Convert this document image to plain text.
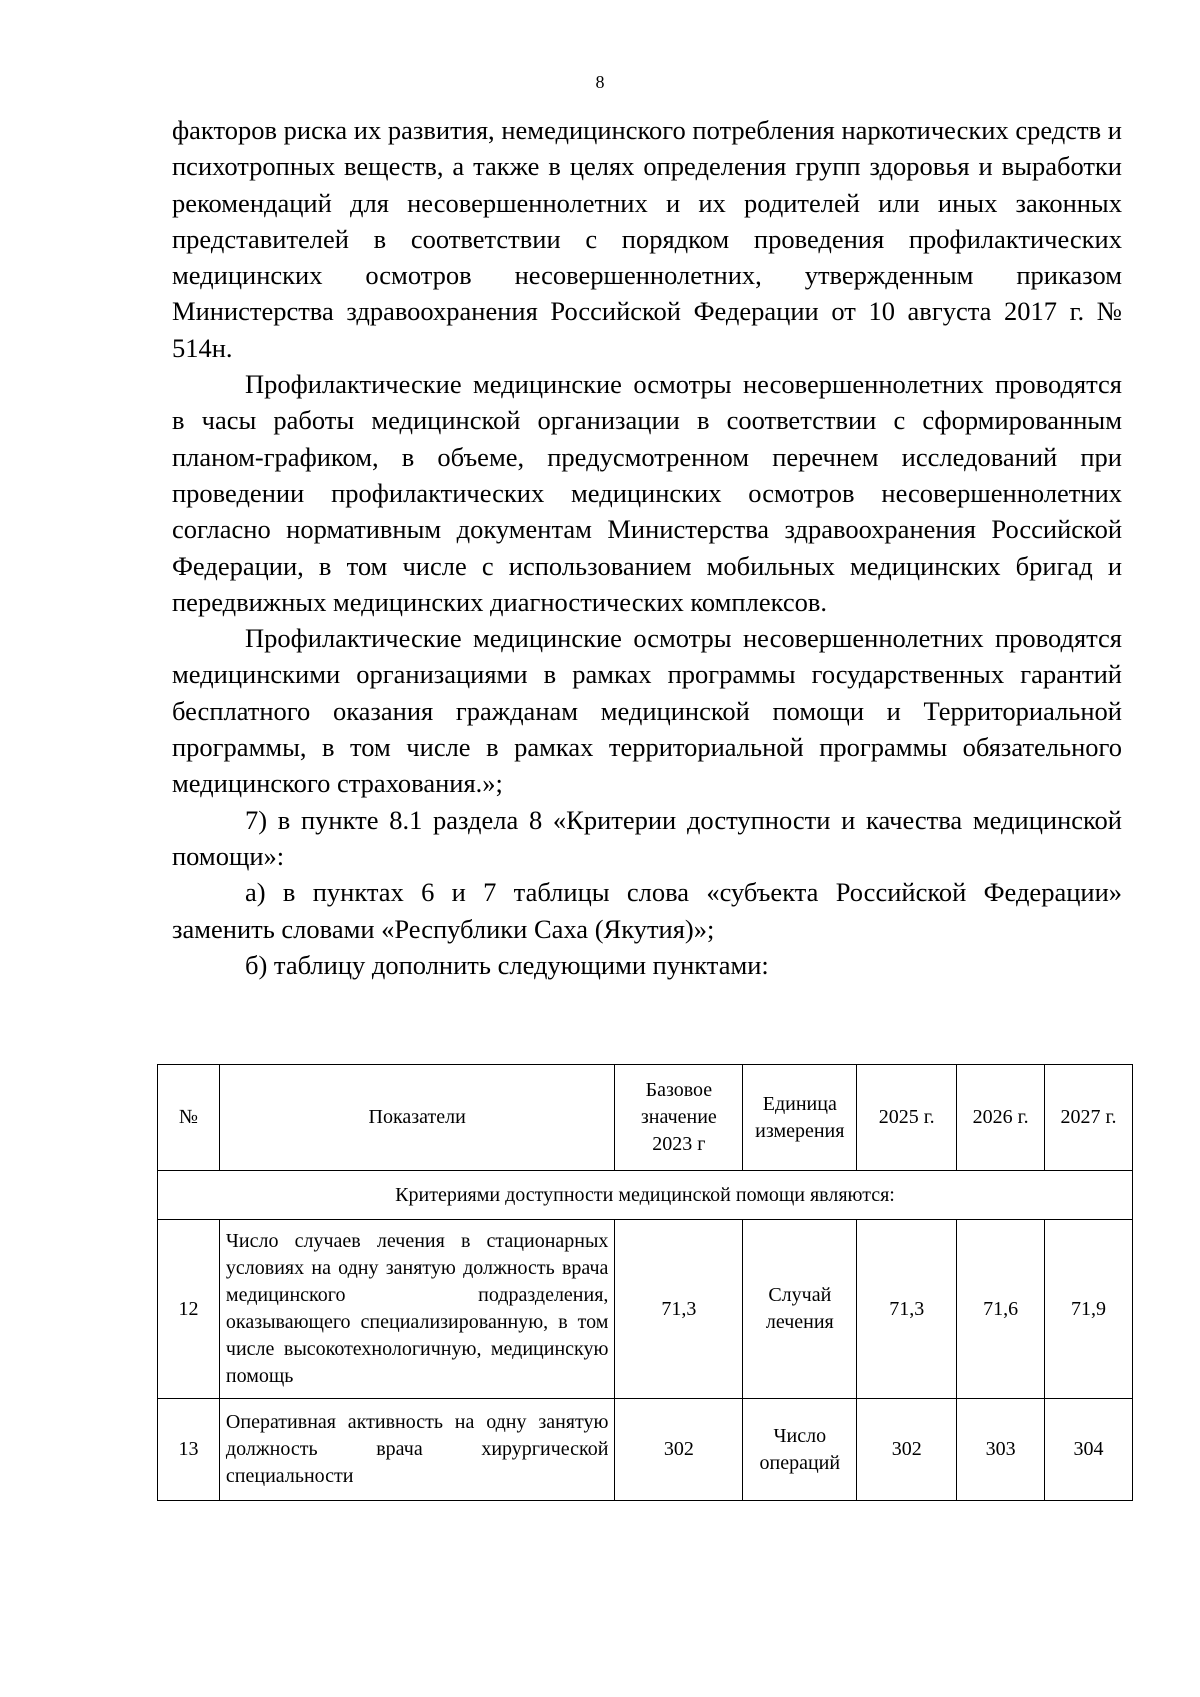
8

факторов риска их развития, немедицинского потребления наркотических средств и психотропных веществ, а также в целях определения групп здоровья и выработки рекомендаций для несовершеннолетних и их родителей или иных законных представителей в соответствии с порядком проведения профилактических медицинских осмотров несовершеннолетних, утвержденным приказом Министерства здравоохранения Российской Федерации от 10 августа 2017 г. № 514н.

Профилактические медицинские осмотры несовершеннолетних проводятся в часы работы медицинской организации в соответствии с сформированным планом-графиком, в объеме, предусмотренном перечнем исследований при проведении профилактических медицинских осмотров несовершеннолетних согласно нормативным документам Министерства здравоохранения Российской Федерации, в том числе с использованием мобильных медицинских бригад и передвижных медицинских диагностических комплексов.

Профилактические медицинские осмотры несовершеннолетних проводятся медицинскими организациями в рамках программы государственных гарантий бесплатного оказания гражданам медицинской помощи и Территориальной программы, в том числе в рамках территориальной программы обязательного медицинского страхования.»;

7) в пункте 8.1 раздела 8 «Критерии доступности и качества медицинской помощи»:

а) в пунктах 6 и 7 таблицы слова «субъекта Российской Федерации» заменить словами «Республики Саха (Якутия)»;

б) таблицу дополнить следующими пунктами:

№	Показатели	Базовое значение 2023 г	Единица измерения	2025 г.	2026 г.	2027 г.
Критериями доступности медицинской помощи являются:						
12	Число случаев лечения в стационарных условиях на одну занятую должность врача медицинского подразделения, оказывающего специализированную, в том числе высокотехнологичную, медицинскую помощь	71,3	Случай лечения	71,3	71,6	71,9
13	Оперативная активность на одну занятую должность врача хирургической специальности	302	Число операций	302	303	304
